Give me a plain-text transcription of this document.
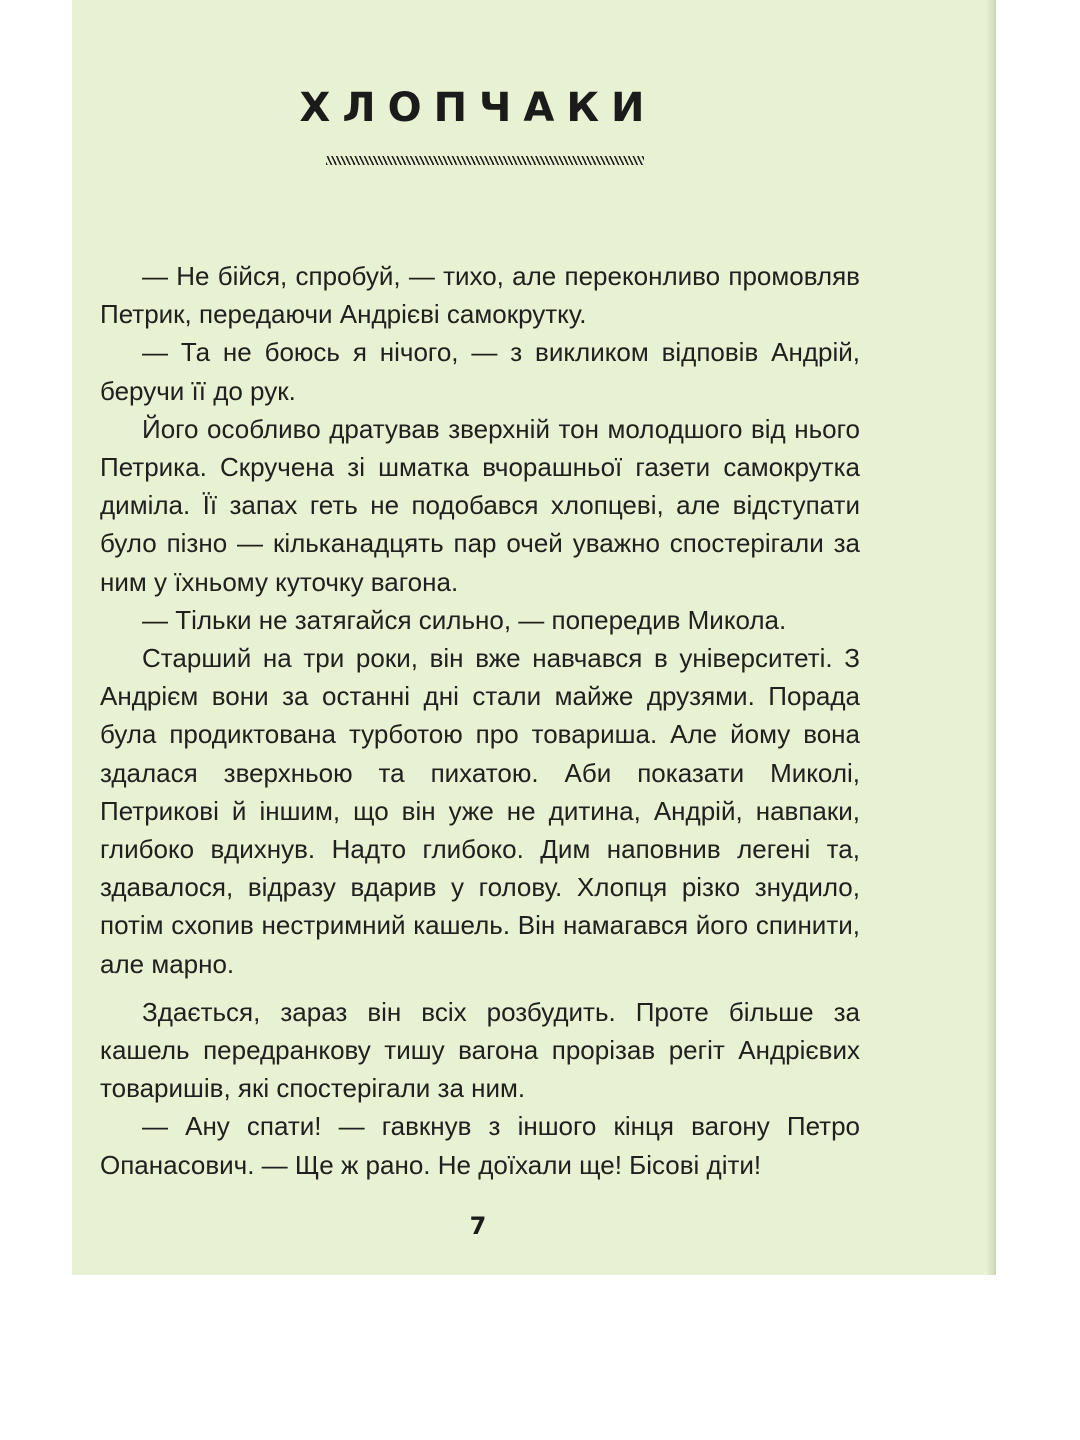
ХЛОПЧАКИ

— Не бійся, спробуй, — тихо, але переконливо промовляв Петрик, передаючи Андрієві самокрутку.

— Та не боюсь я нічого, — з викликом відповів Андрій, беручи її до рук.

Його особливо дратував зверхній тон молодшого від нього Петрика. Скручена зі шматка вчорашньої газети самокрутка диміла. Її запах геть не подобався хлопцеві, але відступати було пізно — кільканадцять пар очей уважно спостерігали за ним у їхньому куточку вагона.

— Тільки не затягайся сильно, — попередив Микола.

Старший на три роки, він вже навчався в університеті. З Андрієм вони за останні дні стали майже друзями. Порада була продиктована турботою про товариша. Але йому вона здалася зверхньою та пихатою. Аби показати Миколі, Петрикові й іншим, що він уже не дитина, Андрій, навпаки, глибоко вдихнув. Надто глибоко. Дим наповнив легені та, здавалося, відразу вдарив у голову. Хлопця різко знудило, потім схопив нестримний кашель. Він намагався його спинити, але марно.

Здається, зараз він всіх розбудить. Проте більше за кашель передранкову тишу вагона прорізав регіт Андрієвих товаришів, які спостерігали за ним.

— Ану спати! — гавкнув з іншого кінця вагону Петро Опанасович. — Ще ж рано. Не доїхали ще! Бісові діти!

7
